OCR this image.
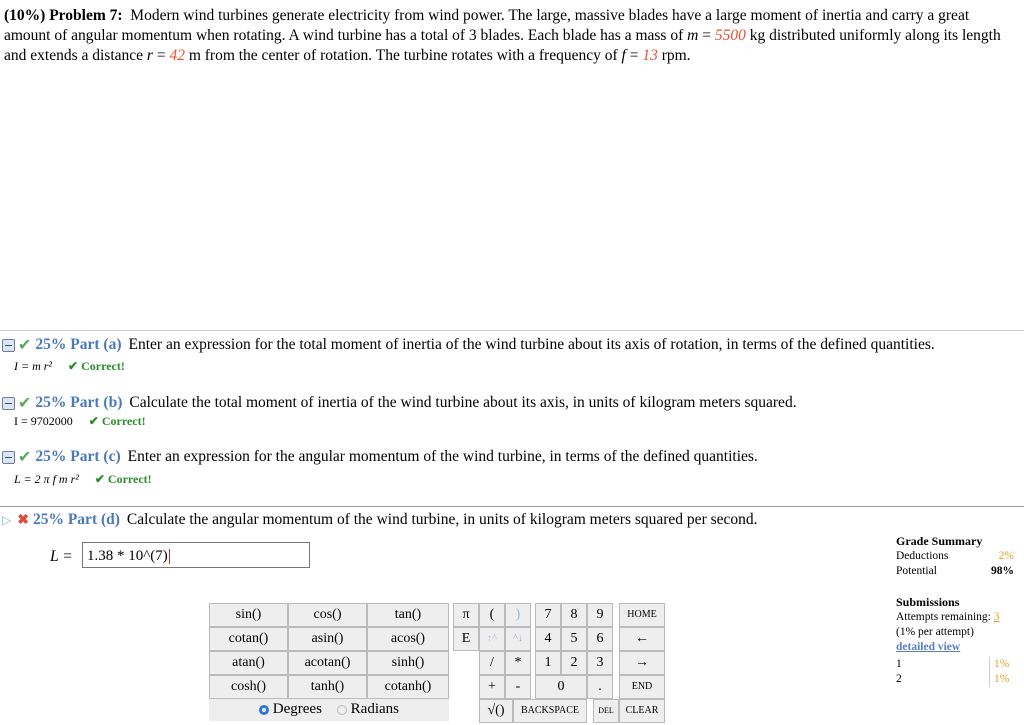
(10%) Problem 7: Modern wind turbines generate electricity from wind power. The large, massive blades have a large moment of inertia and carry a great amount of angular momentum when rotating. A wind turbine has a total of 3 blades. Each blade has a mass of m = 5500 kg distributed uniformly along its length and extends a distance r = 42 m from the center of rotation. The turbine rotates with a frequency of f = 13 rpm.
✔ 25% Part (a) Enter an expression for the total moment of inertia of the wind turbine about its axis of rotation, in terms of the defined quantities.
I = m r² ✔ Correct!
✔ 25% Part (b) Calculate the total moment of inertia of the wind turbine about its axis, in units of kilogram meters squared.
I = 9702000 ✔ Correct!
✔ 25% Part (c) Enter an expression for the angular momentum of the wind turbine, in terms of the defined quantities.
L = 2 π f m r² ✔ Correct!
▷ ✖ 25% Part (d) Calculate the angular momentum of the wind turbine, in units of kilogram meters squared per second.
L = 1.38 * 10^(7)
sin()	cos()	tan()
cotan()	asin()	acos()
atan()	acotan()	sinh()
cosh()	tanh()	cotanh()
Degrees Radians
π	(	)
E	↑^	^↓
/	*
+	-
√()
7	8	9
4	5	6
1	2	3
0	.
BACKSPACE	DEL
HOME
←
→
END
CLEAR
Grade Summary
Deductions	2%
Potential	98%
Submissions
Attempts remaining: 3
(1% per attempt)
detailed view
1	1%
2	1%
